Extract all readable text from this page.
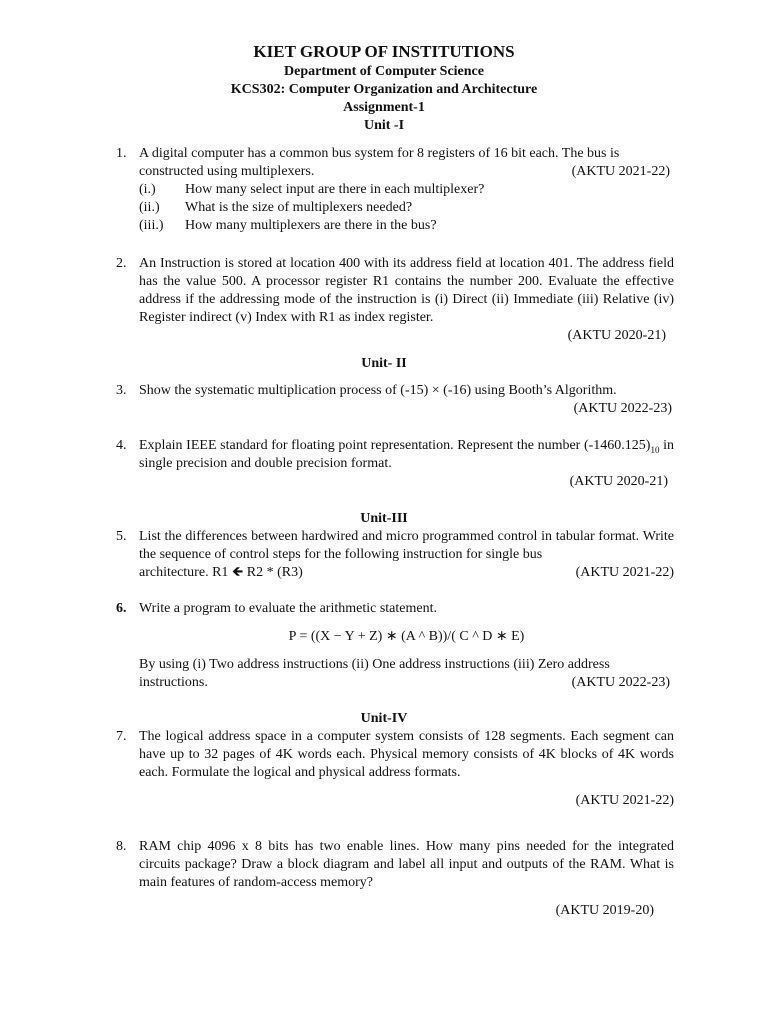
KIET GROUP OF INSTITUTIONS
Department of Computer Science
KCS302: Computer Organization and Architecture
Assignment-1
Unit -I
1. A digital computer has a common bus system for 8 registers of 16 bit each. The bus is
constructed using multiplexers.	(AKTU 2021-22)
(i.)	How many select input are there in each multiplexer?
(ii.)	What is the size of multiplexers needed?
(iii.)	How many multiplexers are there in the bus?
2. An Instruction is stored at location 400 with its address field at location 401. The address field has the value 500. A processor register R1 contains the number 200. Evaluate the effective address if the addressing mode of the instruction is (i) Direct (ii) Immediate (iii) Relative (iv) Register indirect (v) Index with R1 as index register.
(AKTU 2020-21)
Unit- II
3. Show the systematic multiplication process of (-15) × (-16) using Booth’s Algorithm.
(AKTU 2022-23)
4. Explain IEEE standard for floating point representation. Represent the number $(-1460.125)_{10}$ in single precision and double precision format.
(AKTU 2020-21)
Unit-III
5. List the differences between hardwired and micro programmed control in tabular format. Write the sequence of control steps for the following instruction for single bus
architecture. R1 🡸 R2 * (R3)	(AKTU 2021-22)
6. Write a program to evaluate the arithmetic statement.
P = ((X − Y + Z) ∗ (A ^ B))/( C ^ D ∗ E)
By using (i) Two address instructions (ii) One address instructions (iii) Zero address
instructions.	(AKTU 2022-23)
Unit-IV
7. The logical address space in a computer system consists of 128 segments. Each segment can have up to 32 pages of 4K words each. Physical memory consists of 4K blocks of 4K words each. Formulate the logical and physical address formats.
(AKTU 2021-22)
8. RAM chip 4096 x 8 bits has two enable lines. How many pins needed for the integrated circuits package? Draw a block diagram and label all input and outputs of the RAM. What is main features of random-access memory?
(AKTU 2019-20)
